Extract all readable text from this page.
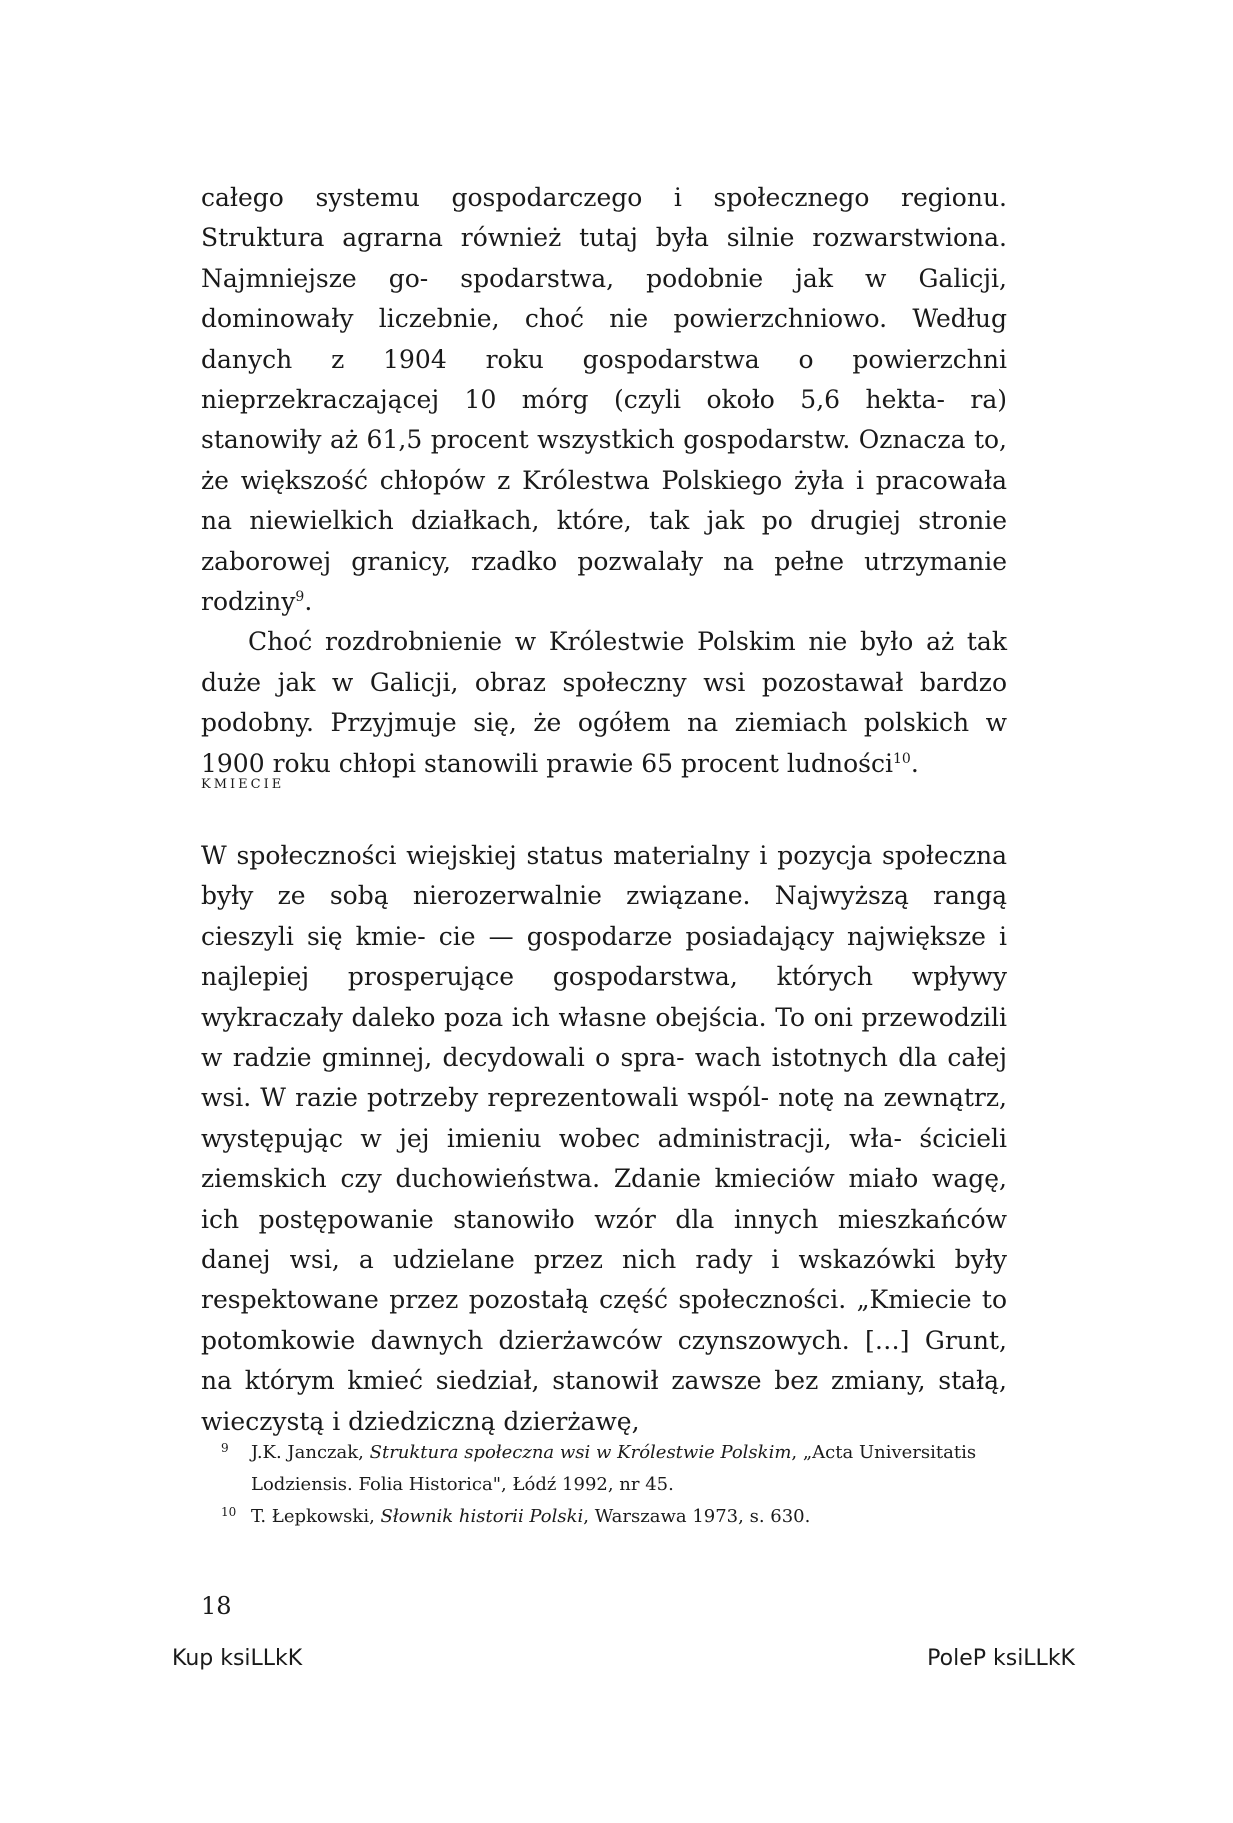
całego systemu gospodarczego i społecznego regionu. Struktura agrarna również tutaj była silnie rozwarstwiona. Najmniejsze go- spodarstwa, podobnie jak w Galicji, dominowały liczebnie, choć nie powierzchniowo. Według danych z 1904 roku gospodarstwa o powierzchni nieprzekraczającej 10 mórg (czyli około 5,6 hekta- ra) stanowiły aż 61,5 procent wszystkich gospodarstw. Oznacza to, że większość chłopów z Królestwa Polskiego żyła i pracowała na niewielkich działkach, które, tak jak po drugiej stronie zaborowej granicy, rzadko pozwalały na pełne utrzymanie rodziny$^9$.

Choć rozdrobnienie w Królestwie Polskim nie było aż tak duże jak w Galicji, obraz społeczny wsi pozostawał bardzo podobny. Przyjmuje się, że ogółem na ziemiach polskich w 1900 roku chłopi stanowili prawie 65 procent ludności$^{10}$.

kmiecie

W społeczności wiejskiej status materialny i pozycja społeczna były ze sobą nierozerwalnie związane. Najwyższą rangą cieszyli się kmie- cie — gospodarze posiadający największe i najlepiej prosperujące gospodarstwa, których wpływy wykraczały daleko poza ich własne obejścia. To oni przewodzili w radzie gminnej, decydowali o spra- wach istotnych dla całej wsi. W razie potrzeby reprezentowali wspól- notę na zewnątrz, występując w jej imieniu wobec administracji, wła- ścicieli ziemskich czy duchowieństwa. Zdanie kmieciów miało wagę, ich postępowanie stanowiło wzór dla innych mieszkańców danej wsi, a udzielane przez nich rady i wskazówki były respektowane przez pozostałą część społeczności. „Kmiecie to potomkowie dawnych dzierżawców czynszowych. […] Grunt, na którym kmieć siedział, stanowił zawsze bez zmiany, stałą, wieczystą i dziedziczną dzierżawę,

9 J.K. Janczak, Struktura społeczna wsi w Królestwie Polskim, „Acta Universitatis Lodziensis. Folia Historica", Łódź 1992, nr 45.
10 T. Łepkowski, Słownik historii Polski, Warszawa 1973, s. 630.
18
Kup ksiLLkK	PoleP ksiLLkK
